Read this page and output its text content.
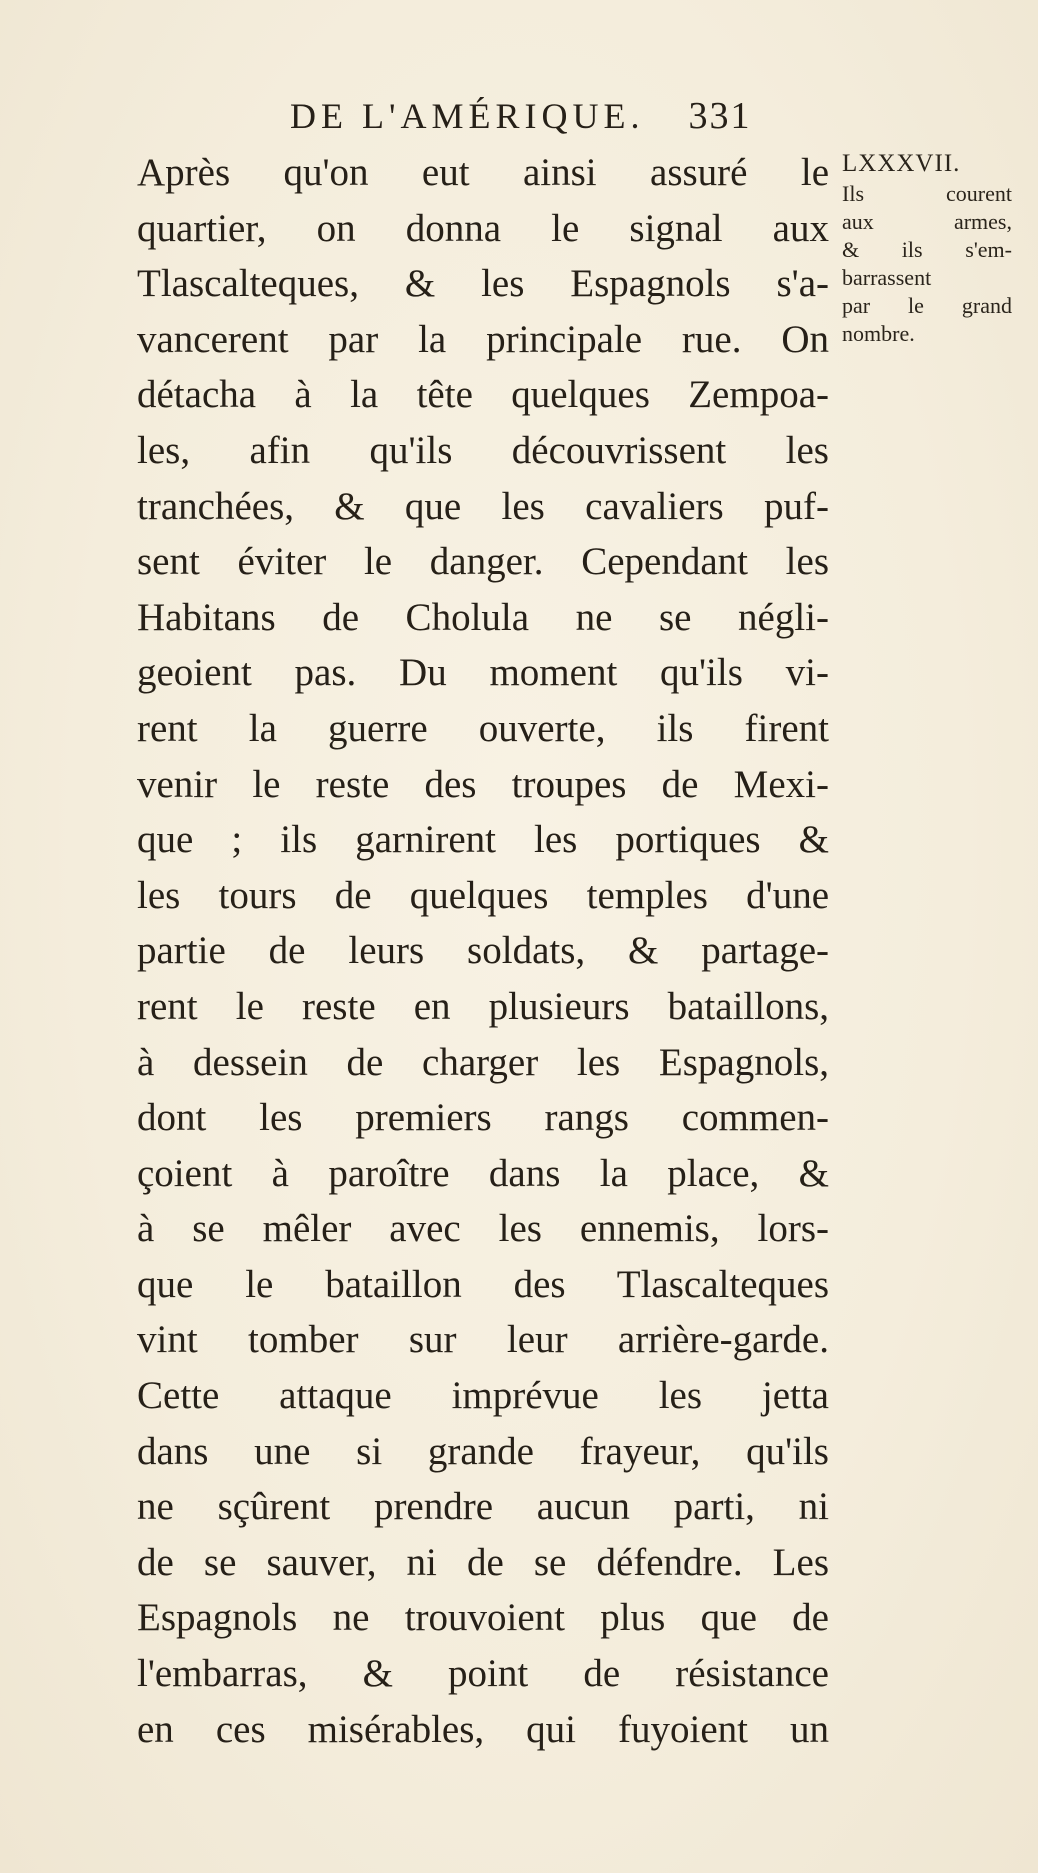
DE L'AMÉRIQUE. 331
Après qu'on eut ainsi assuré le
quartier, on donna le signal aux
Tlascalteques, & les Espagnols s'a-
vancerent par la principale rue. On
détacha à la tête quelques Zempoa-
les, afin qu'ils découvrissent les
tranchées, & que les cavaliers puf-
sent éviter le danger. Cependant les
Habitans de Cholula ne se négli-
geoient pas. Du moment qu'ils vi-
rent la guerre ouverte, ils firent
venir le reste des troupes de Mexi-
que ; ils garnirent les portiques &
les tours de quelques temples d'une
partie de leurs soldats, & partage-
rent le reste en plusieurs bataillons,
à dessein de charger les Espagnols,
dont les premiers rangs commen-
çoient à paroître dans la place, &
à se mêler avec les ennemis, lors-
que le bataillon des Tlascalteques
vint tomber sur leur arrière-garde.
Cette attaque imprévue les jetta
dans une si grande frayeur, qu'ils
ne sçûrent prendre aucun parti, ni
de se sauver, ni de se défendre. Les
Espagnols ne trouvoient plus que de
l'embarras, & point de résistance
en ces misérables, qui fuyoient un
LXXXVII.
Ils courent
aux armes,
& ils s'em-
barrassent
par le grand
nombre.
